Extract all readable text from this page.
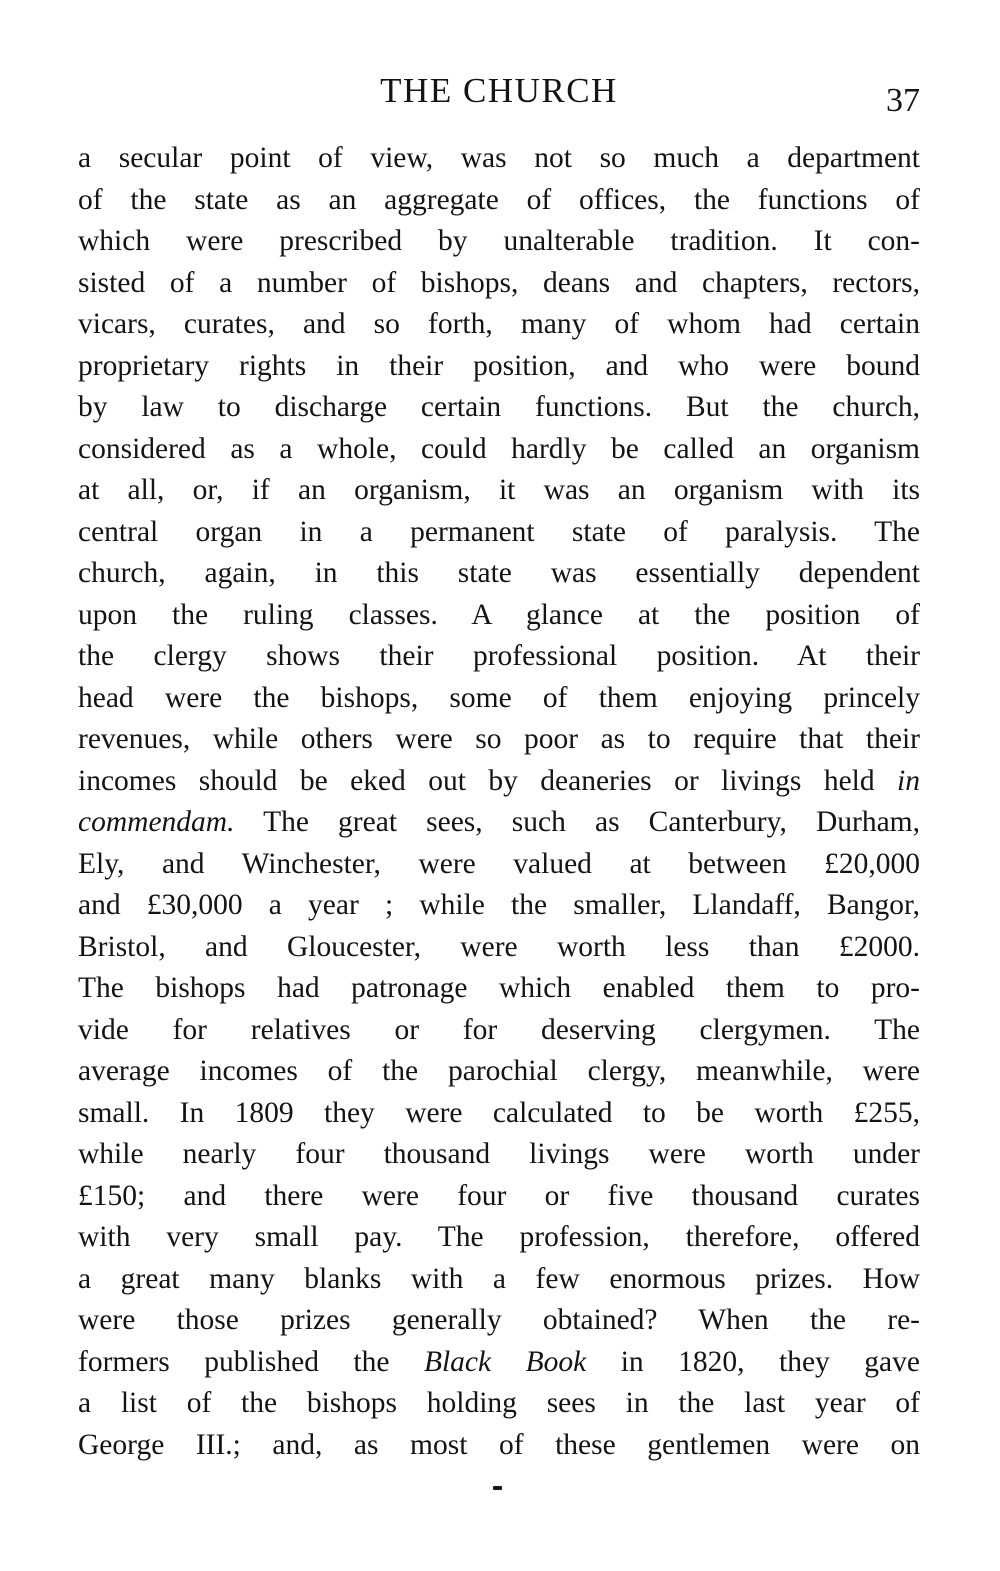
THE CHURCH	37
a secular point of view, was not so much a department
of the state as an aggregate of offices, the functions of
which were prescribed by unalterable tradition. It con-
sisted of a number of bishops, deans and chapters, rectors,
vicars, curates, and so forth, many of whom had certain
proprietary rights in their position, and who were bound
by law to discharge certain functions. But the church,
considered as a whole, could hardly be called an organism
at all, or, if an organism, it was an organism with its
central organ in a permanent state of paralysis. The
church, again, in this state was essentially dependent
upon the ruling classes. A glance at the position of
the clergy shows their professional position. At their
head were the bishops, some of them enjoying princely
revenues, while others were so poor as to require that their
incomes should be eked out by deaneries or livings held in
commendam. The great sees, such as Canterbury, Durham,
Ely, and Winchester, were valued at between £20,000
and £30,000 a year ; while the smaller, Llandaff, Bangor,
Bristol, and Gloucester, were worth less than £2000.
The bishops had patronage which enabled them to pro-
vide for relatives or for deserving clergymen. The
average incomes of the parochial clergy, meanwhile, were
small. In 1809 they were calculated to be worth £255,
while nearly four thousand livings were worth under
£150; and there were four or five thousand curates
with very small pay. The profession, therefore, offered
a great many blanks with a few enormous prizes. How
were those prizes generally obtained? When the re-
formers published the Black Book in 1820, they gave
a list of the bishops holding sees in the last year of
George III.; and, as most of these gentlemen were on
